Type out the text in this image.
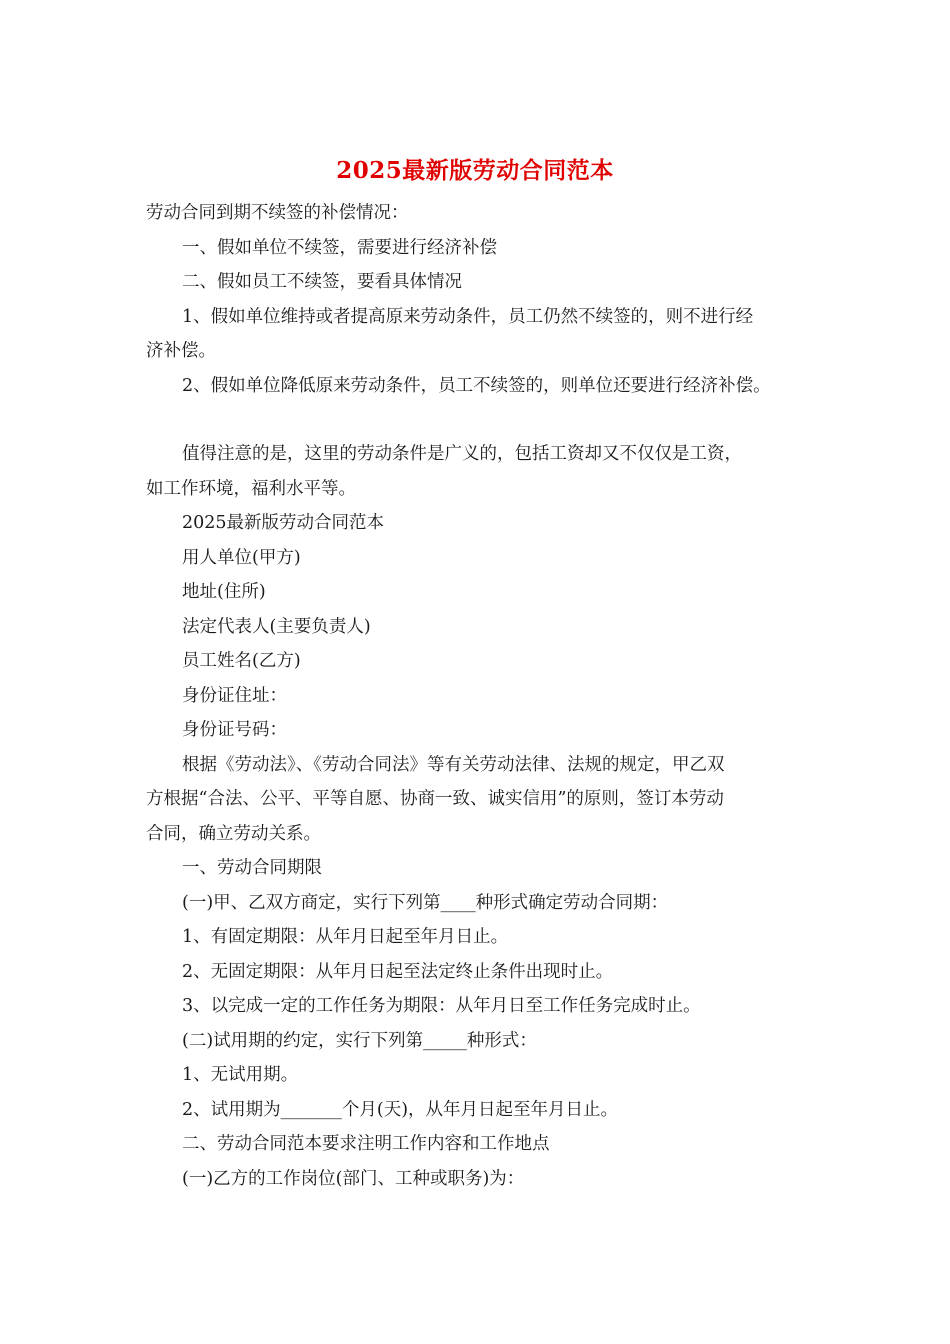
2025最新版劳动合同范本

劳动合同到期不续签的补偿情况：

一、假如单位不续签，需要进行经济补偿

二、假如员工不续签，要看具体情况

1、假如单位维持或者提高原来劳动条件，员工仍然不续签的，则不进行经

济补偿。

2、假如单位降低原来劳动条件，员工不续签的，则单位还要进行经济补偿。

值得注意的是，这里的劳动条件是广义的，包括工资却又不仅仅是工资，

如工作环境，福利水平等。

2025最新版劳动合同范本

用人单位(甲方)

地址(住所)

法定代表人(主要负责人)

员工姓名(乙方)

身份证住址：

身份证号码：

根据《劳动法》、《劳动合同法》等有关劳动法律、法规的规定，甲乙双

方根据“合法、公平、平等自愿、协商一致、诚实信用”的原则，签订本劳动

合同，确立劳动关系。

一、劳动合同期限

(一)甲、乙双方商定，实行下列第____种形式确定劳动合同期：

1、有固定期限：从年月日起至年月日止。

2、无固定期限：从年月日起至法定终止条件出现时止。

3、以完成一定的工作任务为期限：从年月日至工作任务完成时止。

(二)试用期的约定，实行下列第_____种形式：

1、无试用期。

2、试用期为_______个月(天)，从年月日起至年月日止。

二、劳动合同范本要求注明工作内容和工作地点

(一)乙方的工作岗位(部门、工种或职务)为：
